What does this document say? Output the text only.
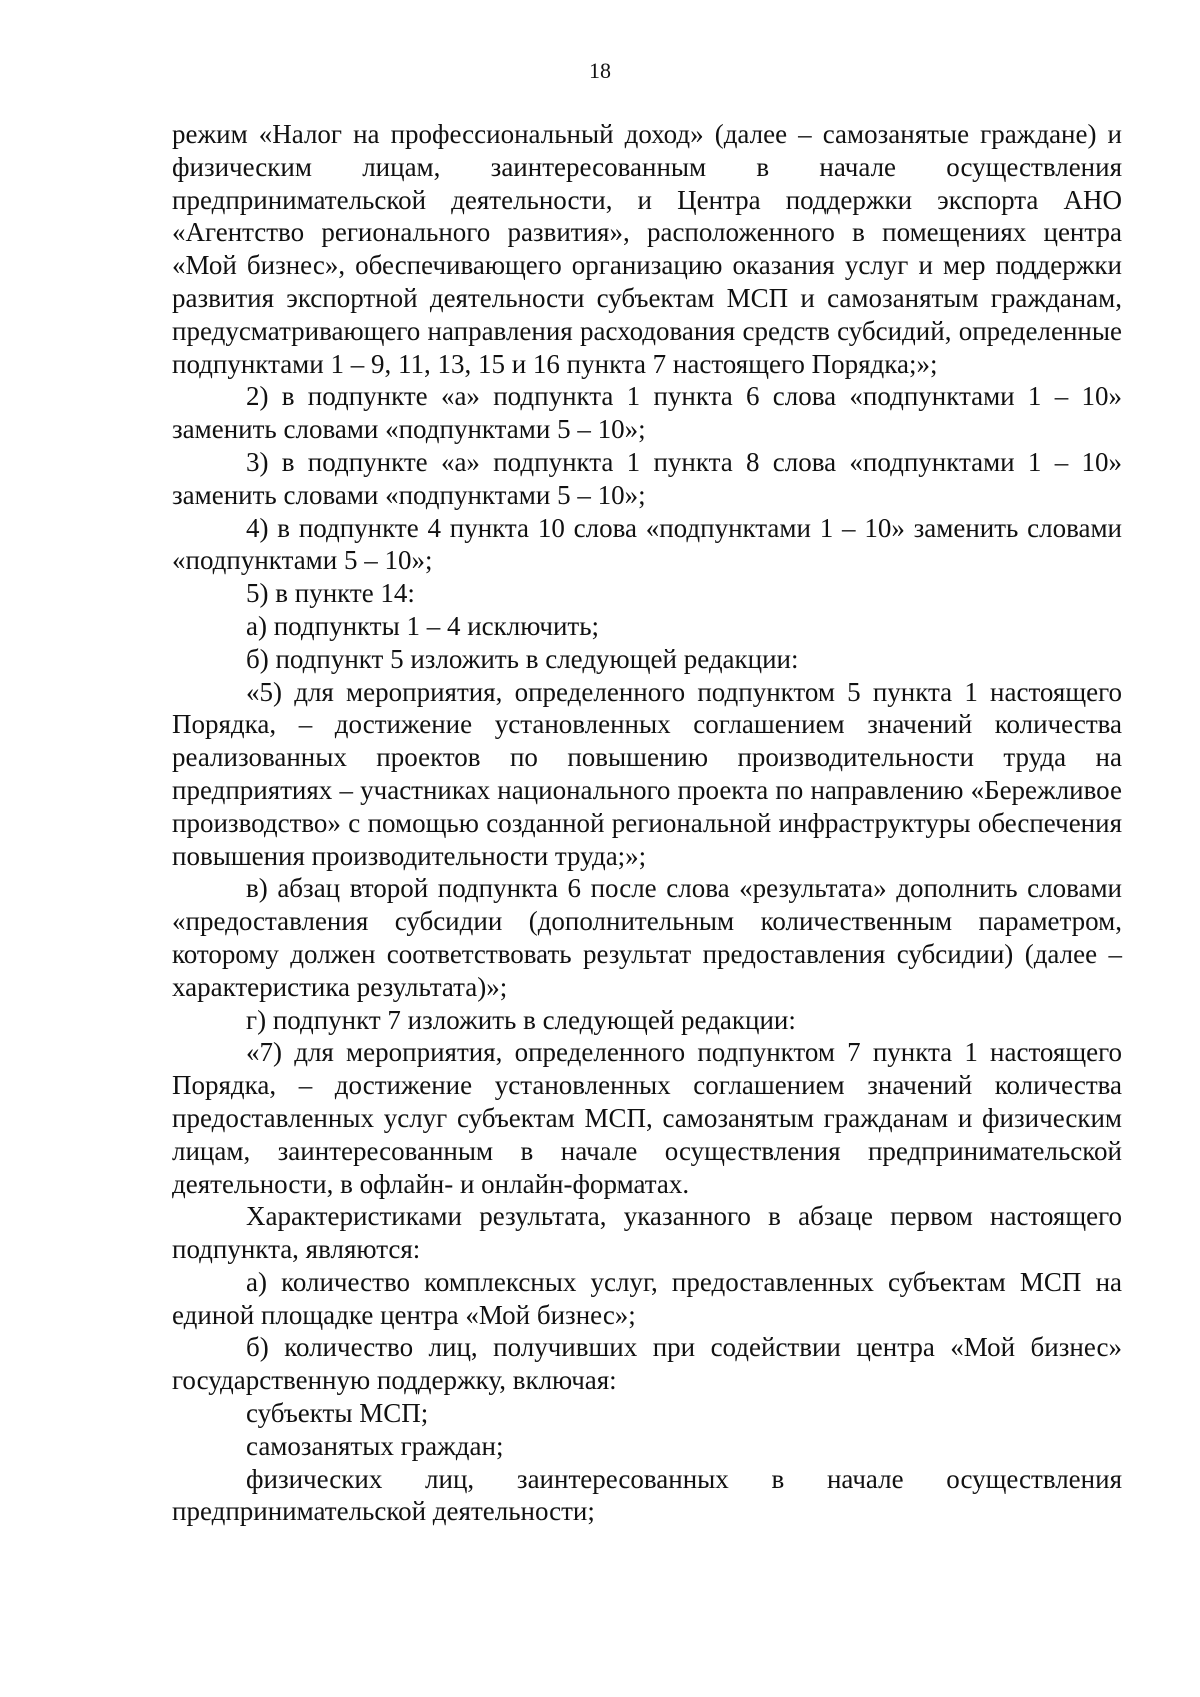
18

режим «Налог на профессиональный доход» (далее – самозанятые граждане) и физическим лицам, заинтересованным в начале осуществления предпринимательской деятельности, и Центра поддержки экспорта АНО «Агентство регионального развития», расположенного в помещениях центра «Мой бизнес», обеспечивающего организацию оказания услуг и мер поддержки развития экспортной деятельности субъектам МСП и самозанятым гражданам, предусматривающего направления расходования средств субсидий, определенные подпунктами 1 – 9, 11, 13, 15 и 16 пункта 7 настоящего Порядка;»;

2) в подпункте «а» подпункта 1 пункта 6 слова «подпунктами 1 – 10» заменить словами «подпунктами 5 – 10»;

3) в подпункте «а» подпункта 1 пункта 8 слова «подпунктами 1 – 10» заменить словами «подпунктами 5 – 10»;

4) в подпункте 4 пункта 10 слова «подпунктами 1 – 10» заменить словами «подпунктами 5 – 10»;

5) в пункте 14:

а) подпункты 1 – 4 исключить;

б) подпункт 5 изложить в следующей редакции:

«5) для мероприятия, определенного подпунктом 5 пункта 1 настоящего Порядка, – достижение установленных соглашением значений количества реализованных проектов по повышению производительности труда на предприятиях – участниках национального проекта по направлению «Бережливое производство» с помощью созданной региональной инфраструктуры обеспечения повышения производительности труда;»;

в) абзац второй подпункта 6 после слова «результата» дополнить словами «предоставления субсидии (дополнительным количественным параметром, которому должен соответствовать результат предоставления субсидии) (далее – характеристика результата)»;

г) подпункт 7 изложить в следующей редакции:

«7) для мероприятия, определенного подпунктом 7 пункта 1 настоящего Порядка, – достижение установленных соглашением значений количества предоставленных услуг субъектам МСП, самозанятым гражданам и физическим лицам, заинтересованным в начале осуществления предпринимательской деятельности, в офлайн- и онлайн-форматах.

Характеристиками результата, указанного в абзаце первом настоящего подпункта, являются:

а) количество комплексных услуг, предоставленных субъектам МСП на единой площадке центра «Мой бизнес»;

б) количество лиц, получивших при содействии центра «Мой бизнес» государственную поддержку, включая:

субъекты МСП;

самозанятых граждан;

физических лиц, заинтересованных в начале осуществления предпринимательской деятельности;
